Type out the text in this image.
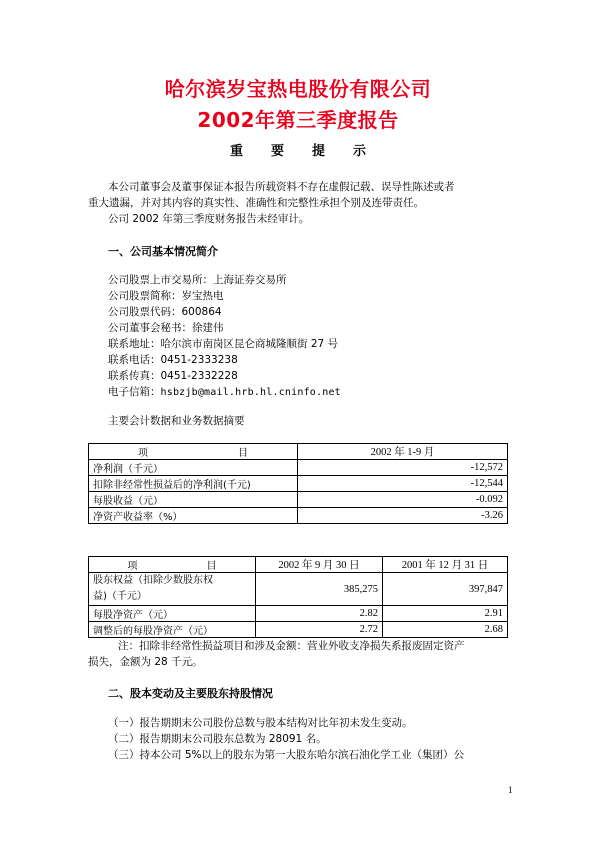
哈尔滨岁宝热电股份有限公司
2002年第三季度报告
重 要 提 示
本公司董事会及董事保证本报告所载资料不存在虚假记载、误导性陈述或者
重大遗漏，并对其内容的真实性、准确性和完整性承担个别及连带责任。
公司 2002 年第三季度财务报告未经审计。
一、公司基本情况简介
公司股票上市交易所：上海证券交易所
公司股票简称：岁宝热电
公司股票代码：600864
公司董事会秘书：徐建伟
联系地址：哈尔滨市南岗区昆仑商城隆顺街 27 号
联系电话：0451-2333238
联系传真：0451-2332228
电子信箱：hsbzjb@mail.hrb.hl.cninfo.net
主要会计数据和业务数据摘要
项 目	2002 年 1-9 月
净利润（千元）	-12,572
扣除非经常性损益后的净利润(千元)	-12,544
每股收益（元）	-0.092
净资产收益率（%）	-3.26
项 目	2002 年 9 月 30 日	2001 年 12 月 31 日

股东权益（扣除少数股东权
益)（千元）	385,275	397,847
每股净资产（元）	2.82	2.91
调整后的每股净资产（元）	2.72	2.68
注：扣除非经常性损益项目和涉及金额：营业外收支净损失系报废固定资产
损失，金额为 28 千元。
二、股本变动及主要股东持股情况
（一）报告期期末公司股份总数与股本结构对比年初未发生变动。
（二）报告期期末公司股东总数为 28091 名。
（三）持本公司 5%以上的股东为第一大股东哈尔滨石油化学工业（集团）公
1
